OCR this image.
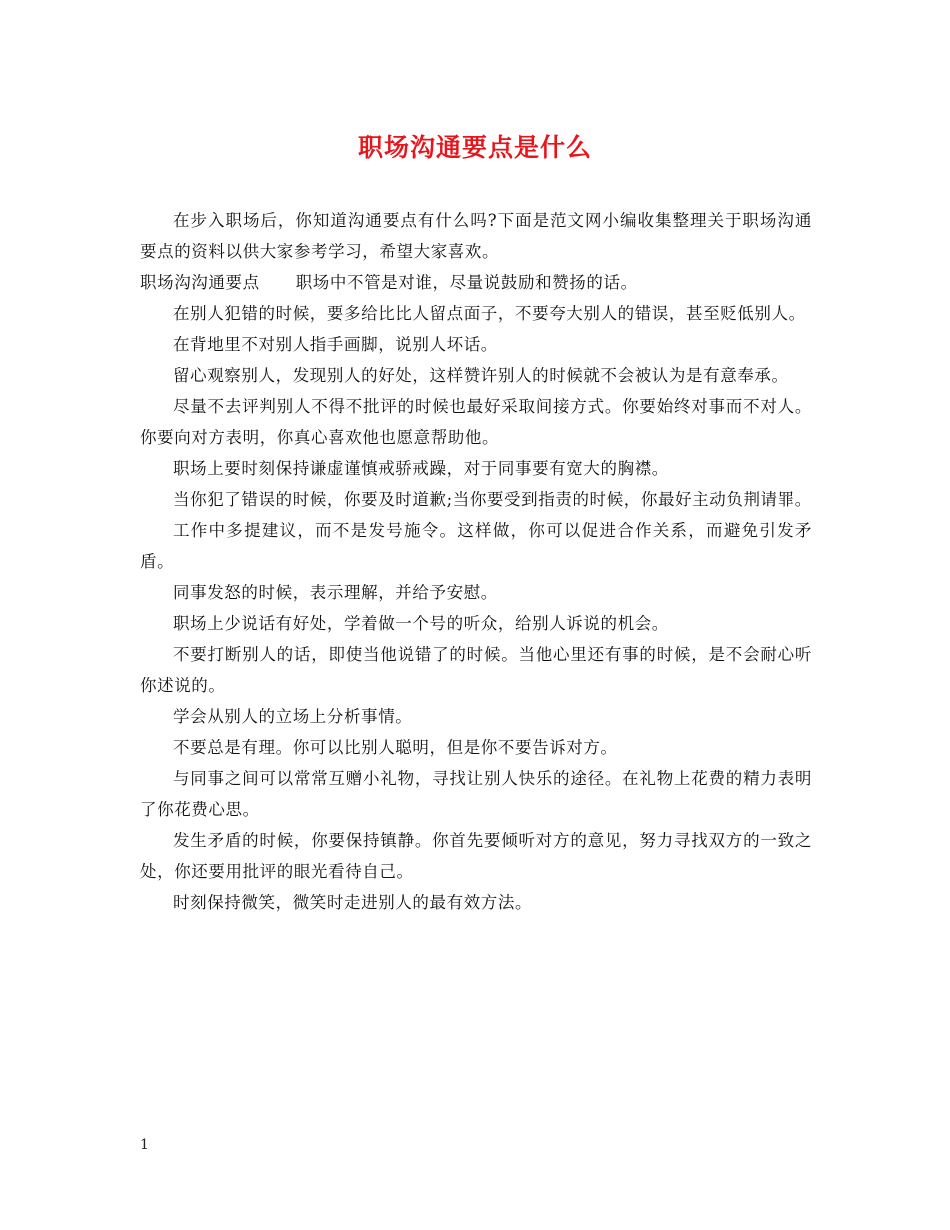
职场沟通要点是什么

在步入职场后，你知道沟通要点有什么吗?下面是范文网小编收集整理关于职场沟通要点的资料以供大家参考学习，希望大家喜欢。

职场沟沟通要点 职场中不管是对谁，尽量说鼓励和赞扬的话。

在别人犯错的时候，要多给比比人留点面子，不要夸大别人的错误，甚至贬低别人。

在背地里不对别人指手画脚，说别人坏话。

留心观察别人，发现别人的好处，这样赞许别人的时候就不会被认为是有意奉承。

尽量不去评判别人不得不批评的时候也最好采取间接方式。你要始终对事而不对人。你要向对方表明，你真心喜欢他也愿意帮助他。

职场上要时刻保持谦虚谨慎戒骄戒躁，对于同事要有宽大的胸襟。

当你犯了错误的时候，你要及时道歉;当你要受到指责的时候，你最好主动负荆请罪。

工作中多提建议，而不是发号施令。这样做，你可以促进合作关系，而避免引发矛盾。

同事发怒的时候，表示理解，并给予安慰。

职场上少说话有好处，学着做一个号的听众，给别人诉说的机会。

不要打断别人的话，即使当他说错了的时候。当他心里还有事的时候，是不会耐心听你述说的。

学会从别人的立场上分析事情。

不要总是有理。你可以比别人聪明，但是你不要告诉对方。

与同事之间可以常常互赠小礼物，寻找让别人快乐的途径。在礼物上花费的精力表明了你花费心思。

发生矛盾的时候，你要保持镇静。你首先要倾听对方的意见，努力寻找双方的一致之处，你还要用批评的眼光看待自己。

时刻保持微笑，微笑时走进别人的最有效方法。

1
